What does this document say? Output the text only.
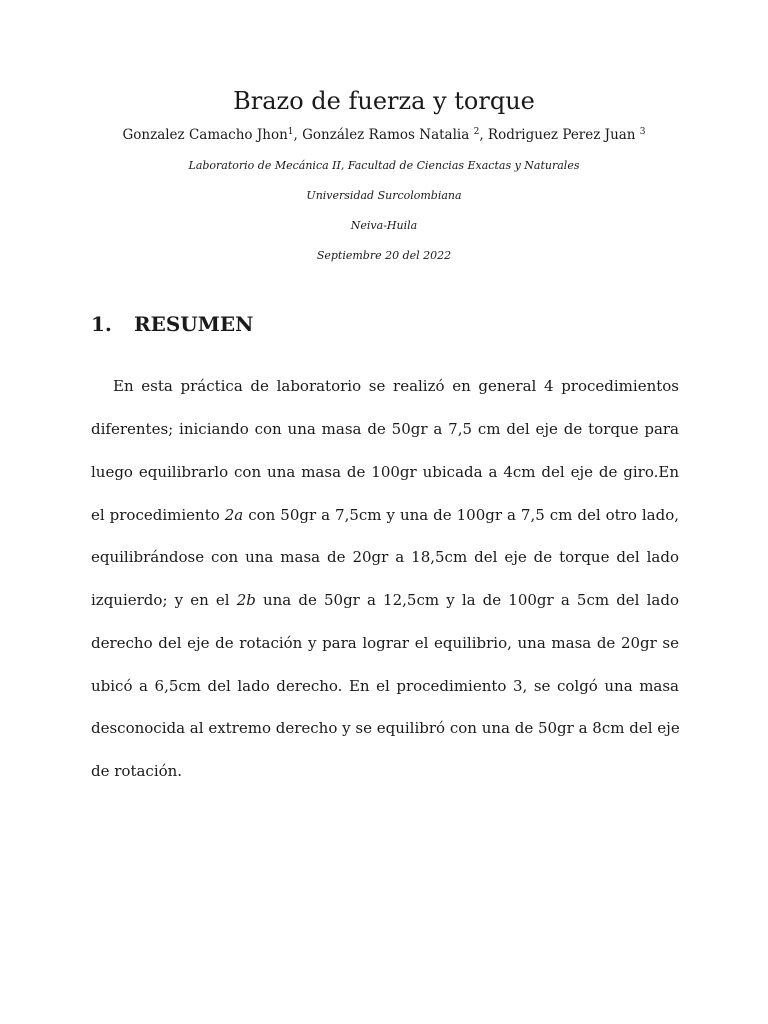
Brazo de fuerza y torque
Gonzalez Camacho Jhon$^1$, González Ramos Natalia $^2$, Rodriguez Perez Juan $^3$
Laboratorio de Mecánica II, Facultad de Ciencias Exactas y Naturales
Universidad Surcolombiana
Neiva-Huila
Septiembre 20 del 2022
1. RESUMEN
En esta práctica de laboratorio se realizó en general 4 procedimientos
diferentes; iniciando con una masa de 50gr a 7,5 cm del eje de torque para
luego equilibrarlo con una masa de 100gr ubicada a 4cm del eje de giro.En
el procedimiento 2a con 50gr a 7,5cm y una de 100gr a 7,5 cm del otro lado,
equilibrándose con una masa de 20gr a 18,5cm del eje de torque del lado
izquierdo; y en el 2b una de 50gr a 12,5cm y la de 100gr a 5cm del lado
derecho del eje de rotación y para lograr el equilibrio, una masa de 20gr se
ubicó a 6,5cm del lado derecho. En el procedimiento 3, se colgó una masa
desconocida al extremo derecho y se equilibró con una de 50gr a 8cm del eje
de rotación.
